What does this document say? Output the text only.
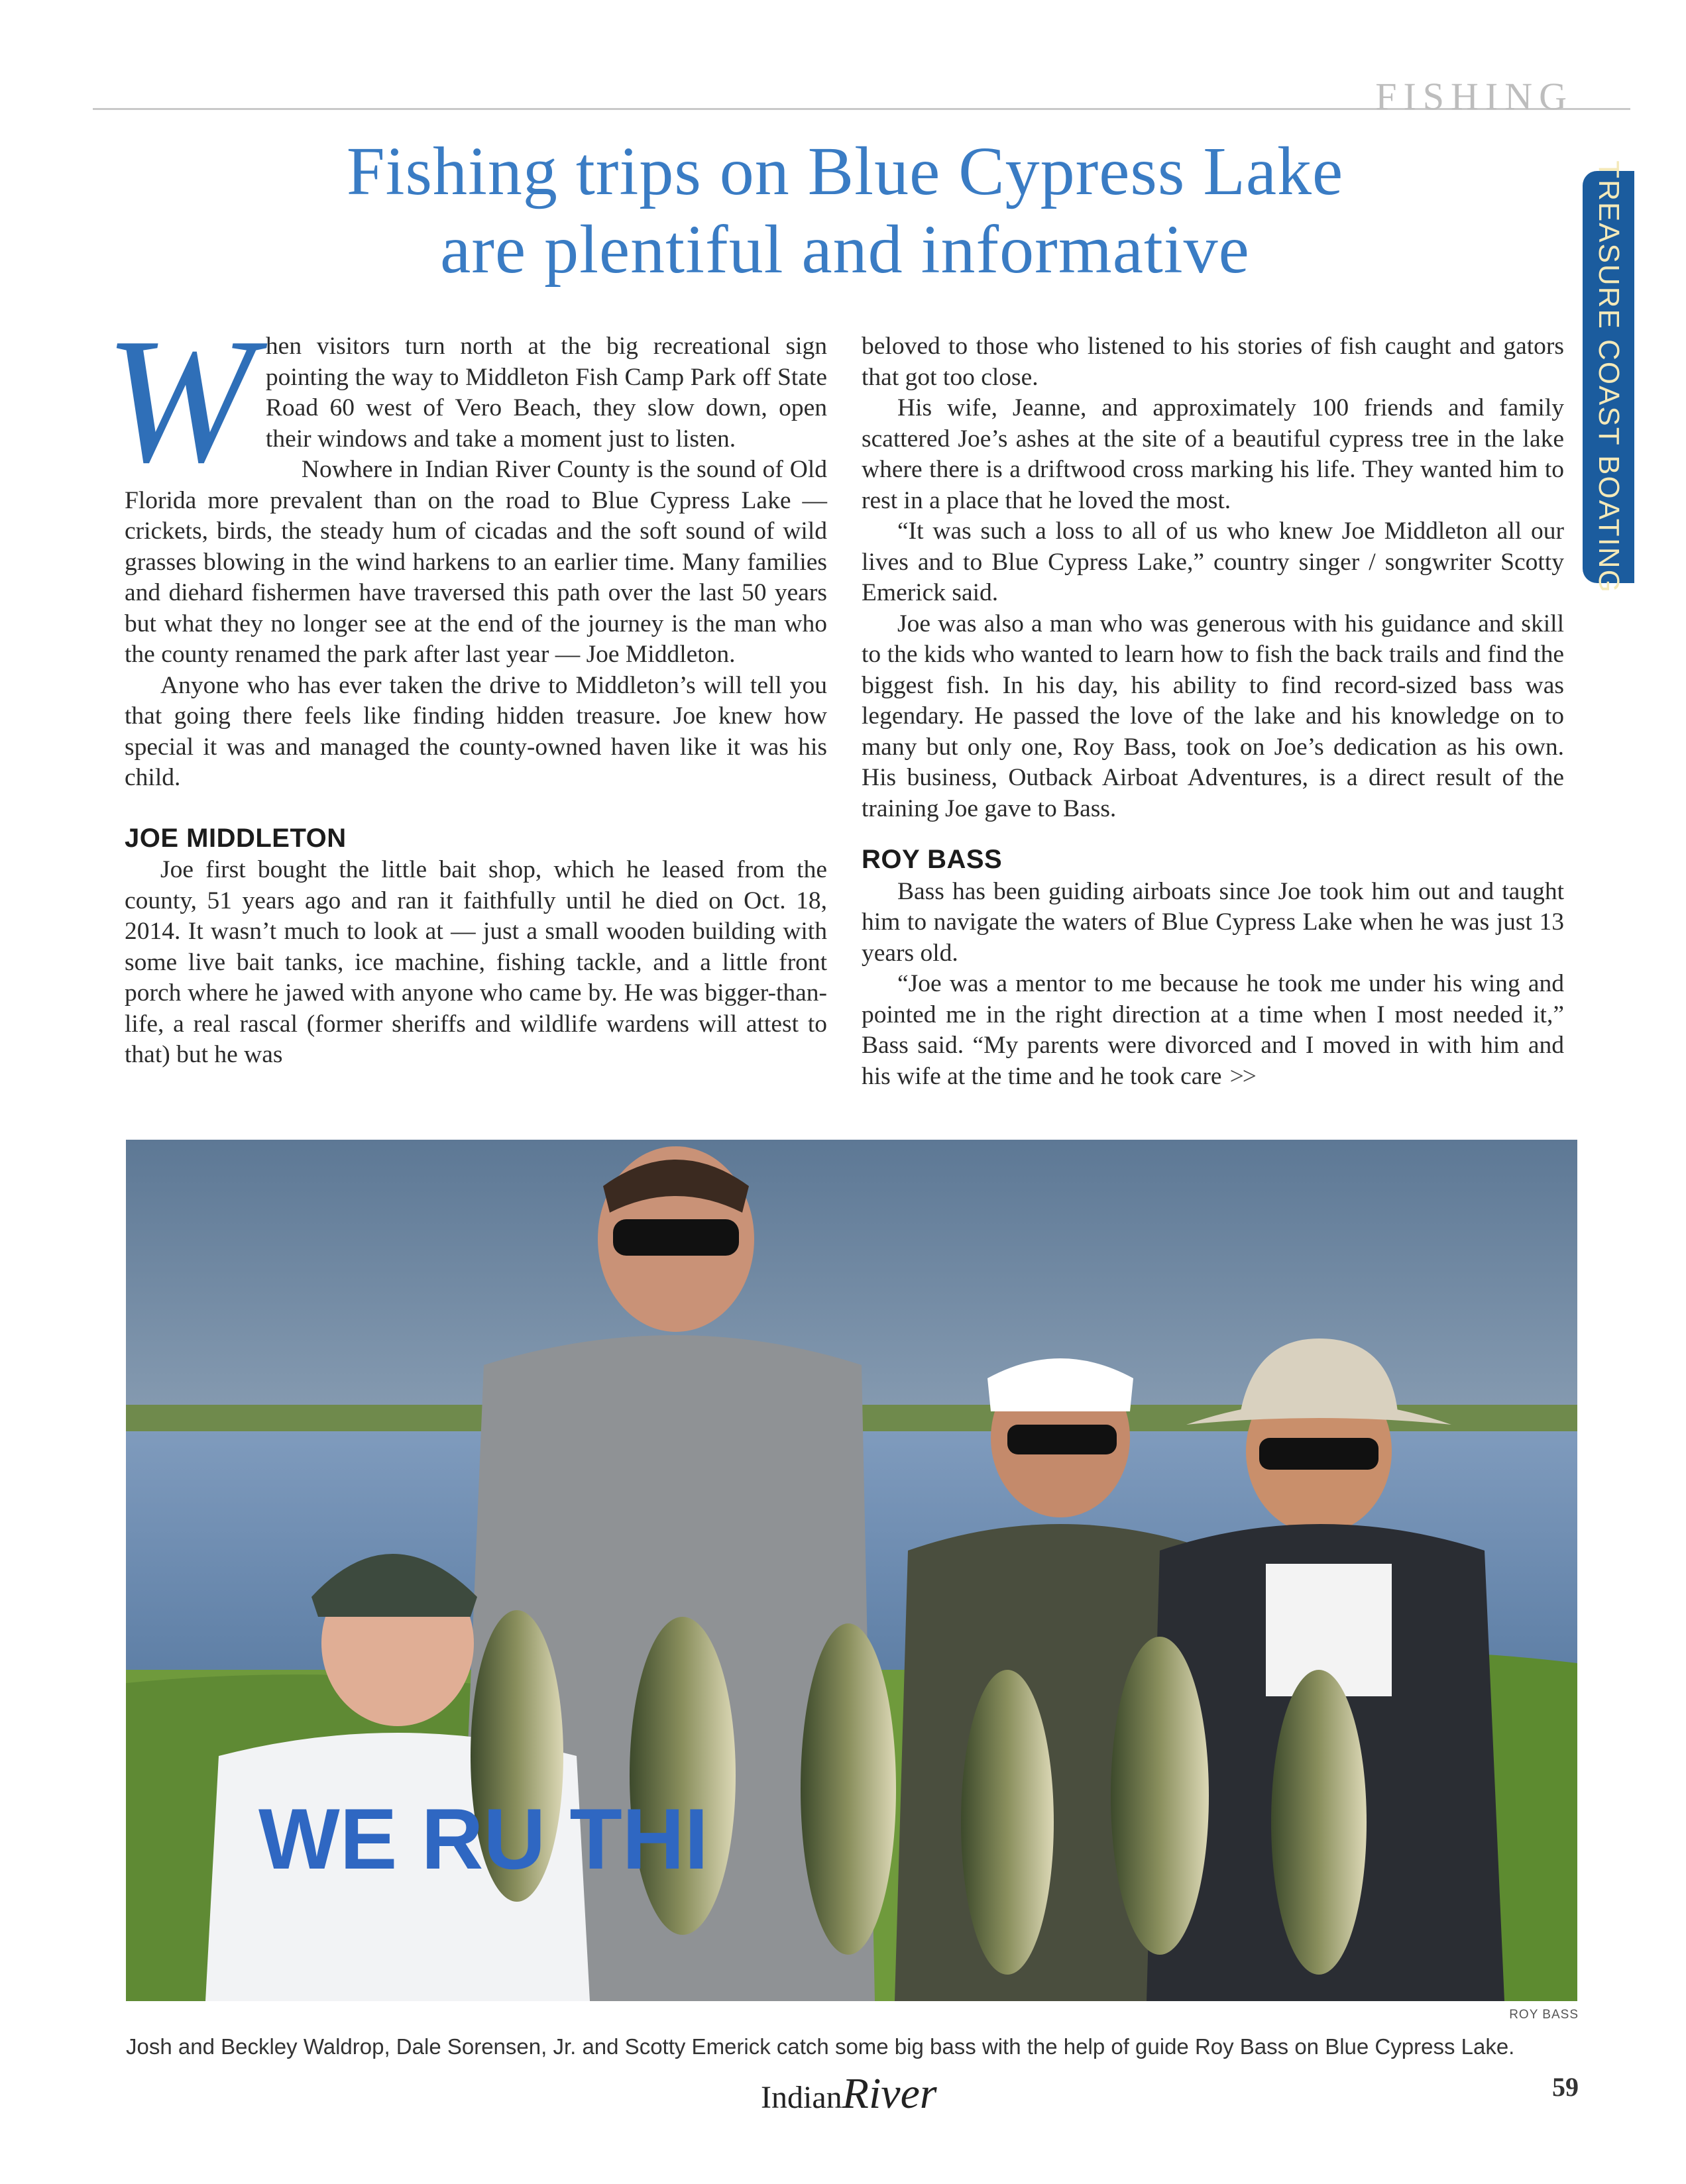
FISHING
TREASURE COAST BOATING
Fishing trips on Blue Cypress Lake
are plentiful and informative

When visitors turn north at the big recreational sign pointing the way to Middleton Fish Camp Park off State Road 60 west of Vero Beach, they slow down, open their windows and take a moment just to listen.

Nowhere in Indian River County is the sound of Old Florida more prevalent than on the road to Blue Cypress Lake — crickets, birds, the steady hum of cicadas and the soft sound of wild grasses blowing in the wind harkens to an earlier time. Many families and diehard fishermen have traversed this path over the last 50 years but what they no longer see at the end of the journey is the man who the county renamed the park after last year — Joe Middleton.

Anyone who has ever taken the drive to Middleton’s will tell you that going there feels like finding hidden treasure. Joe knew how special it was and managed the county-owned haven like it was his child.

JOE MIDDLETON

Joe first bought the little bait shop, which he leased from the county, 51 years ago and ran it faithfully until he died on Oct. 18, 2014. It wasn’t much to look at — just a small wooden building with some live bait tanks, ice machine, fishing tackle, and a little front porch where he jawed with anyone who came by. He was bigger-than-life, a real rascal (former sheriffs and wildlife wardens will attest to that) but he was

beloved to those who listened to his stories of fish caught and gators that got too close.

His wife, Jeanne, and approximately 100 friends and family scattered Joe’s ashes at the site of a beautiful cypress tree in the lake where there is a driftwood cross marking his life. They wanted him to rest in a place that he loved the most.

“It was such a loss to all of us who knew Joe Middleton all our lives and to Blue Cypress Lake,” country singer / songwriter Scotty Emerick said.

Joe was also a man who was generous with his guidance and skill to the kids who wanted to learn how to fish the back trails and find the biggest fish. In his day, his ability to find record-sized bass was legendary. He passed the love of the lake and his knowledge on to many but only one, Roy Bass, took on Joe’s dedication as his own. His business, Outback Airboat Adventures, is a direct result of the training Joe gave to Bass.

ROY BASS

Bass has been guiding airboats since Joe took him out and taught him to navigate the waters of Blue Cypress Lake when he was just 13 years old.

“Joe was a mentor to me because he took me under his wing and pointed me in the right direction at a time when I most needed it,” Bass said. “My parents were divorced and I moved in with him and his wife at the time and he took care >>

WE RU THI
ROY BASS
Josh and Beckley Waldrop, Dale Sorensen, Jr. and Scotty Emerick catch some big bass with the help of guide Roy Bass on Blue Cypress Lake.
IndianRiver	59
